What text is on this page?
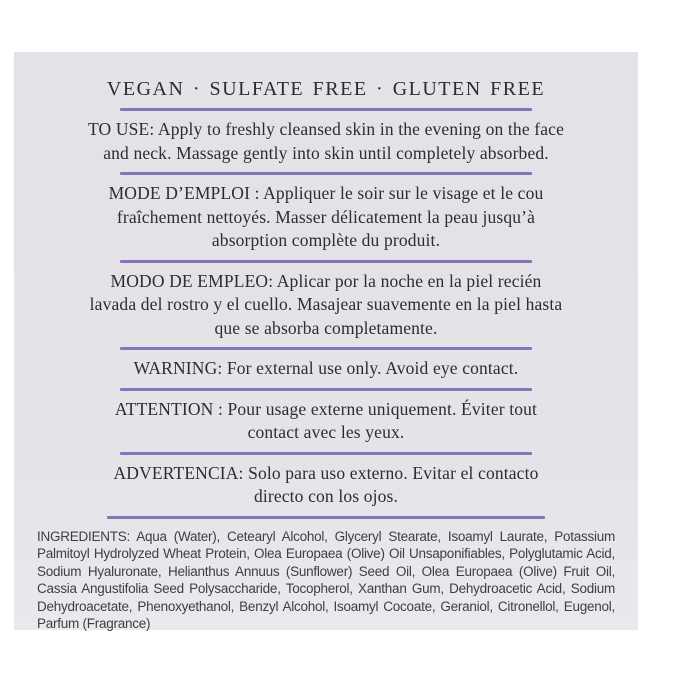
VEGAN · SULFATE FREE · GLUTEN FREE
TO USE: Apply to freshly cleansed skin in the evening on the face
and neck. Massage gently into skin until completely absorbed.
MODE D’EMPLOI : Appliquer le soir sur le visage et le cou
fraîchement nettoyés. Masser délicatement la peau jusqu’à
absorption complète du produit.
MODO DE EMPLEO: Aplicar por la noche en la piel recién
lavada del rostro y el cuello. Masajear suavemente en la piel hasta
que se absorba completamente.
WARNING: For external use only. Avoid eye contact.
ATTENTION : Pour usage externe uniquement. Éviter tout
contact avec les yeux.
ADVERTENCIA: Solo para uso externo. Evitar el contacto
directo con los ojos.

INGREDIENTS: Aqua (Water), Cetearyl Alcohol, Glyceryl Stearate, Isoamyl Laurate, Potassium Palmitoyl Hydrolyzed Wheat Protein, Olea Europaea (Olive) Oil Unsaponifiables, Polyglutamic Acid, Sodium Hyaluronate, Helianthus Annuus (Sunflower) Seed Oil, Olea Europaea (Olive) Fruit Oil, Cassia Angustifolia Seed Polysaccharide, Tocopherol, Xanthan Gum, Dehydroacetic Acid, Sodium Dehydroacetate, Phenoxyethanol, Benzyl Alcohol, Isoamyl Cocoate, Geraniol, Citronellol, Eugenol, Parfum (Fragrance)
